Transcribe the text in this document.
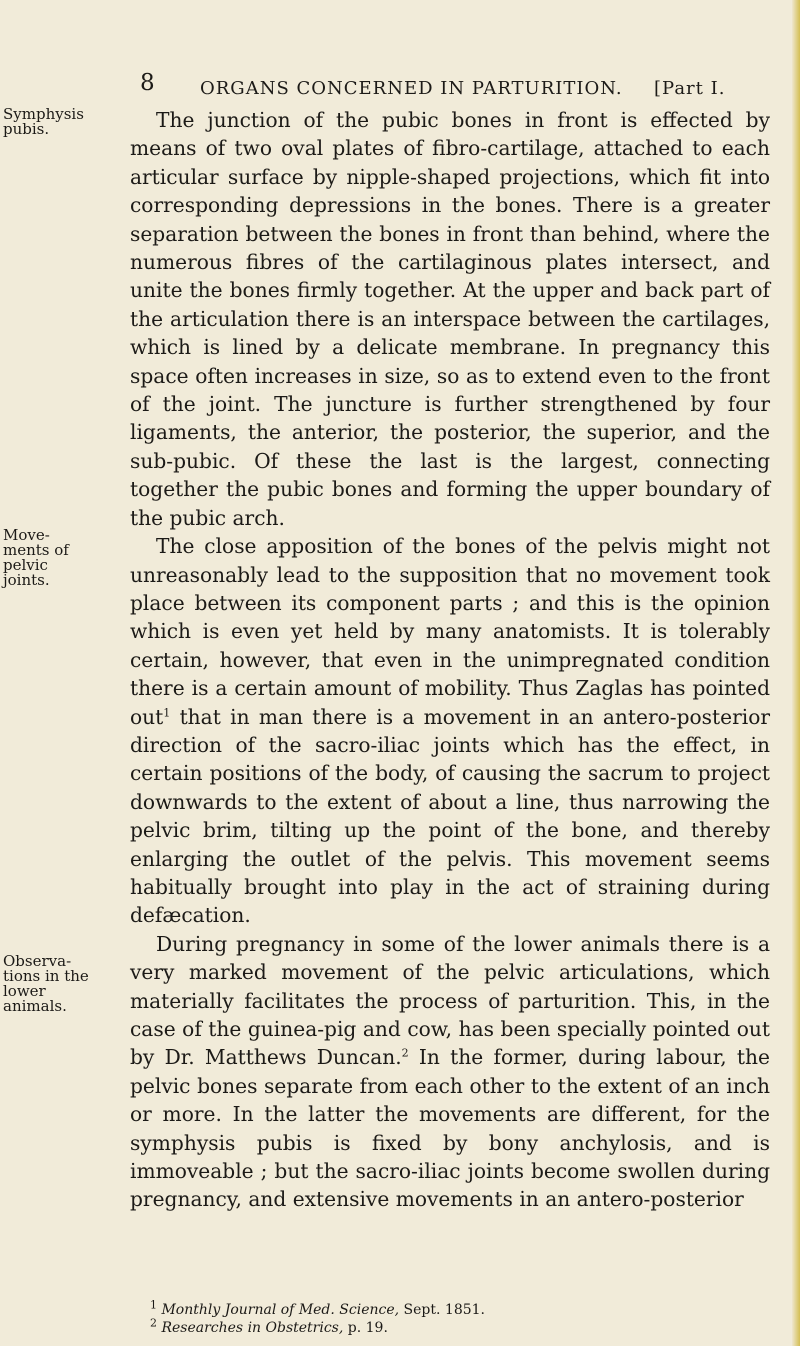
8	ORGANS CONCERNED IN PARTURITION. [Part I.
Symphysis pubis.
Movements of pelvic joints.
Observations in the lower animals.

The junction of the pubic bones in front is effected by means of two oval plates of fibro-cartilage, attached to each articular surface by nipple-shaped projections, which fit into corresponding depressions in the bones. There is a greater separation between the bones in front than behind, where the numerous fibres of the cartilaginous plates intersect, and unite the bones firmly together. At the upper and back part of the articulation there is an interspace between the cartilages, which is lined by a delicate membrane. In pregnancy this space often increases in size, so as to extend even to the front of the joint. The juncture is further strengthened by four ligaments, the anterior, the posterior, the superior, and the sub-pubic. Of these the last is the largest, connecting together the pubic bones and forming the upper boundary of the pubic arch.

The close apposition of the bones of the pelvis might not unreasonably lead to the supposition that no movement took place between its component parts ; and this is the opinion which is even yet held by many anatomists. It is tolerably certain, however, that even in the unimpregnated condition there is a certain amount of mobility. Thus Zaglas has pointed out$^1$ that in man there is a movement in an antero-posterior direction of the sacro-iliac joints which has the effect, in certain positions of the body, of causing the sacrum to project downwards to the extent of about a line, thus narrowing the pelvic brim, tilting up the point of the bone, and thereby enlarging the outlet of the pelvis. This movement seems habitually brought into play in the act of straining during defæcation.

During pregnancy in some of the lower animals there is a very marked movement of the pelvic articulations, which materially facilitates the process of parturition. This, in the case of the guinea-pig and cow, has been specially pointed out by Dr. Matthews Duncan.$^2$ In the former, during labour, the pelvic bones separate from each other to the extent of an inch or more. In the latter the movements are different, for the symphysis pubis is fixed by bony anchylosis, and is immoveable ; but the sacro-iliac joints become swollen during pregnancy, and extensive movements in an antero-posterior

$^1$ Monthly Journal of Med. Science, Sept. 1851.
$^2$ Researches in Obstetrics, p. 19.
